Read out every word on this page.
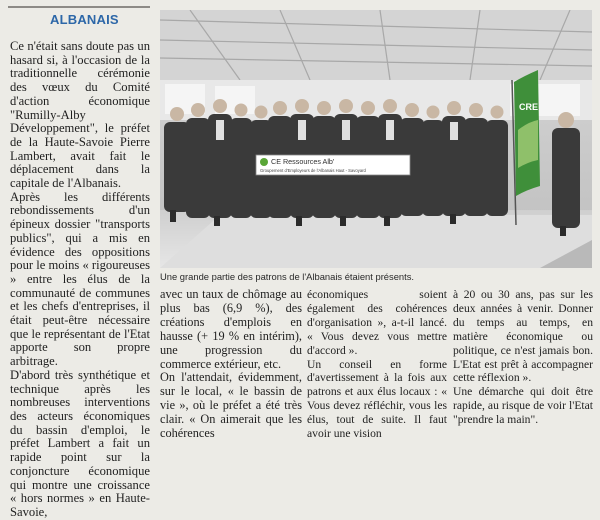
ALBANAIS

Ce n'était sans doute pas un hasard si, à l'occasion de la traditionnelle cérémonie des vœux du Comité d'action économique "Rumilly-Alby Développement", le préfet de la Haute-Savoie Pierre Lambert, avait fait le déplacement dans la capitale de l'Albanais.

Après les différents rebondissements d'un épineux dossier "transports publics", qui a mis en évidence des oppositions pour le moins « rigoureuses » entre les élus de la communauté de communes et les chefs d'entreprises, il était peut-être nécessaire que le représentant de l'Etat apporte son propre arbitrage.

D'abord très synthétique et technique après les nombreuses interventions des acteurs économiques du bassin d'emploi, le préfet Lambert a fait un rapide point sur la conjoncture économique qui montre une croissance « hors normes » en Haute-Savoie,

CE Ressources Alb'
Groupement d'Employeurs de l'Albanais Haut - Savoyard
CRE
Une grande partie des patrons de l'Albanais étaient présents.

avec un taux de chômage au plus bas (6,9 %), des créations d'emplois en hausse (+ 19 % en intérim), une progression du commerce extérieur, etc.

On l'attendait, évidemment, sur le local, « le bassin de vie », où le préfet a été très clair. « On aimerait que les cohérences

économiques soient également des cohérences d'organisation », a-t-il lancé. « Vous devez vous mettre d'accord ».

Un conseil en forme d'avertissement à la fois aux patrons et aux élus locaux : « Vous devez réfléchir, vous les élus, tout de suite. Il faut avoir une vision

à 20 ou 30 ans, pas sur les deux années à venir. Donner du temps au temps, en matière économique ou politique, ce n'est jamais bon. L'Etat est prêt à accompagner cette réflexion ».

Une démarche qui doit être rapide, au risque de voir l'Etat "prendre la main".
